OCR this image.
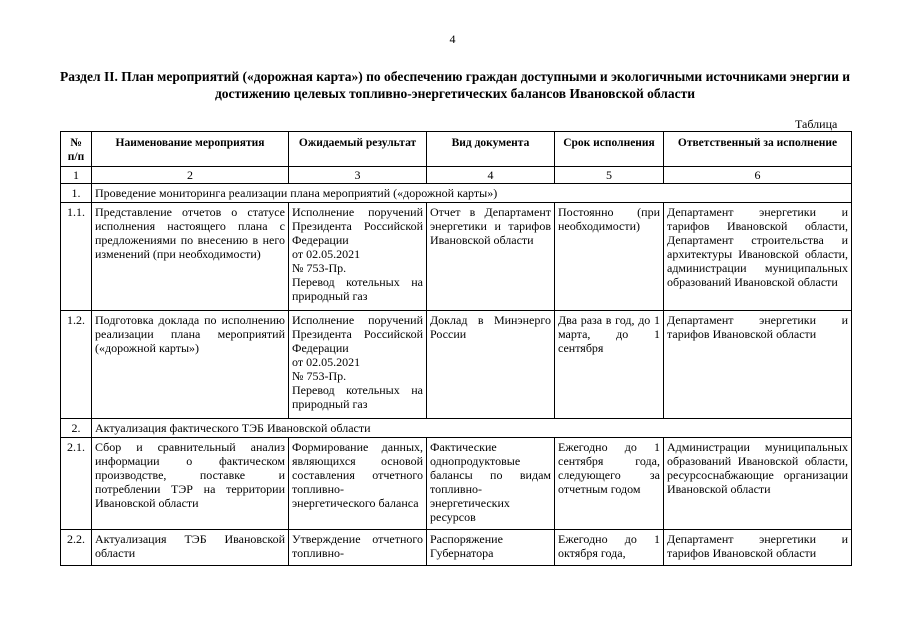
4
Раздел II. План мероприятий («дорожная карта») по обеспечению граждан доступными и экологичными источниками энергии и достижению целевых топливно-энергетических балансов Ивановской области
Таблица
№ п/п	Наименование мероприятия	Ожидаемый результат	Вид документа	Срок исполнения	Ответственный за исполнение
1	2	3	4	5	6
1.	Проведение мониторинга реализации плана мероприятий («дорожной карты»)				
1.1.	Представление отчетов о статусе исполнения настоящего плана с предложениями по внесению в него изменений (при необходимости)	Исполнение поручений Президента Российской Федерации
от 02.05.2021
№ 753-Пр.
Перевод котельных на природный газ	Отчет в Департамент энергетики и тарифов Ивановской области	Постоянно (при необходимости)	Департамент энергетики и тарифов Ивановской области, Департамент строительства и архитектуры Ивановской области, администрации муниципальных образований Ивановской области
1.2.	Подготовка доклада по исполнению реализации плана мероприятий («дорожной карты»)	Исполнение поручений Президента Российской Федерации
от 02.05.2021
№ 753-Пр.
Перевод котельных на природный газ	Доклад в Минэнерго России	Два раза в год, до 1 марта, до 1 сентября	Департамент энергетики и тарифов Ивановской области
2.	Актуализация фактического ТЭБ Ивановской области				
2.1.	Сбор и сравнительный анализ информации о фактическом производстве, поставке и потреблении ТЭР на территории Ивановской области	Формирование данных, являющихся основой составления отчетного топливно-энергетического баланса	Фактические однопродуктовые балансы по видам топливно-энергетических ресурсов	Ежегодно до 1 сентября года, следующего за отчетным годом	Администрации муниципальных образований Ивановской области, ресурсоснабжающие организации Ивановской области
2.2.	Актуализация ТЭБ Ивановской области	Утверждение отчетного топливно-	Распоряжение Губернатора	Ежегодно до 1 октября года,	Департамент энергетики и тарифов Ивановской области
